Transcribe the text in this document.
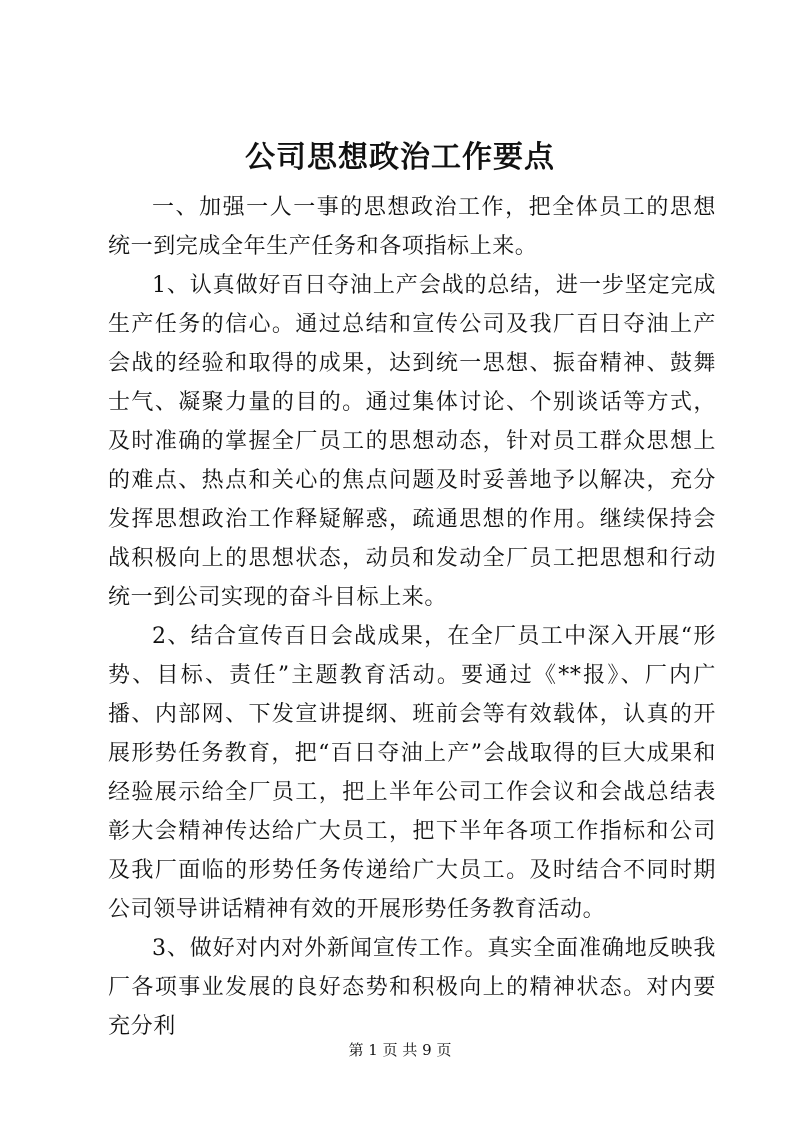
公司思想政治工作要点

一、加强一人一事的思想政治工作，把全体员工的思想统一到完成全年生产任务和各项指标上来。

1、认真做好百日夺油上产会战的总结，进一步坚定完成生产任务的信心。通过总结和宣传公司及我厂百日夺油上产会战的经验和取得的成果，达到统一思想、振奋精神、鼓舞士气、凝聚力量的目的。通过集体讨论、个别谈话等方式，及时准确的掌握全厂员工的思想动态，针对员工群众思想上的难点、热点和关心的焦点问题及时妥善地予以解决，充分发挥思想政治工作释疑解惑，疏通思想的作用。继续保持会战积极向上的思想状态，动员和发动全厂员工把思想和行动统一到公司实现的奋斗目标上来。

2、结合宣传百日会战成果，在全厂员工中深入开展“形势、目标、责任”主题教育活动。要通过《**报》、厂内广播、内部网、下发宣讲提纲、班前会等有效载体，认真的开展形势任务教育，把“百日夺油上产”会战取得的巨大成果和经验展示给全厂员工，把上半年公司工作会议和会战总结表彰大会精神传达给广大员工，把下半年各项工作指标和公司及我厂面临的形势任务传递给广大员工。及时结合不同时期公司领导讲话精神有效的开展形势任务教育活动。

3、做好对内对外新闻宣传工作。真实全面准确地反映我厂各项事业发展的良好态势和积极向上的精神状态。对内要充分利

第 1 页 共 9 页
